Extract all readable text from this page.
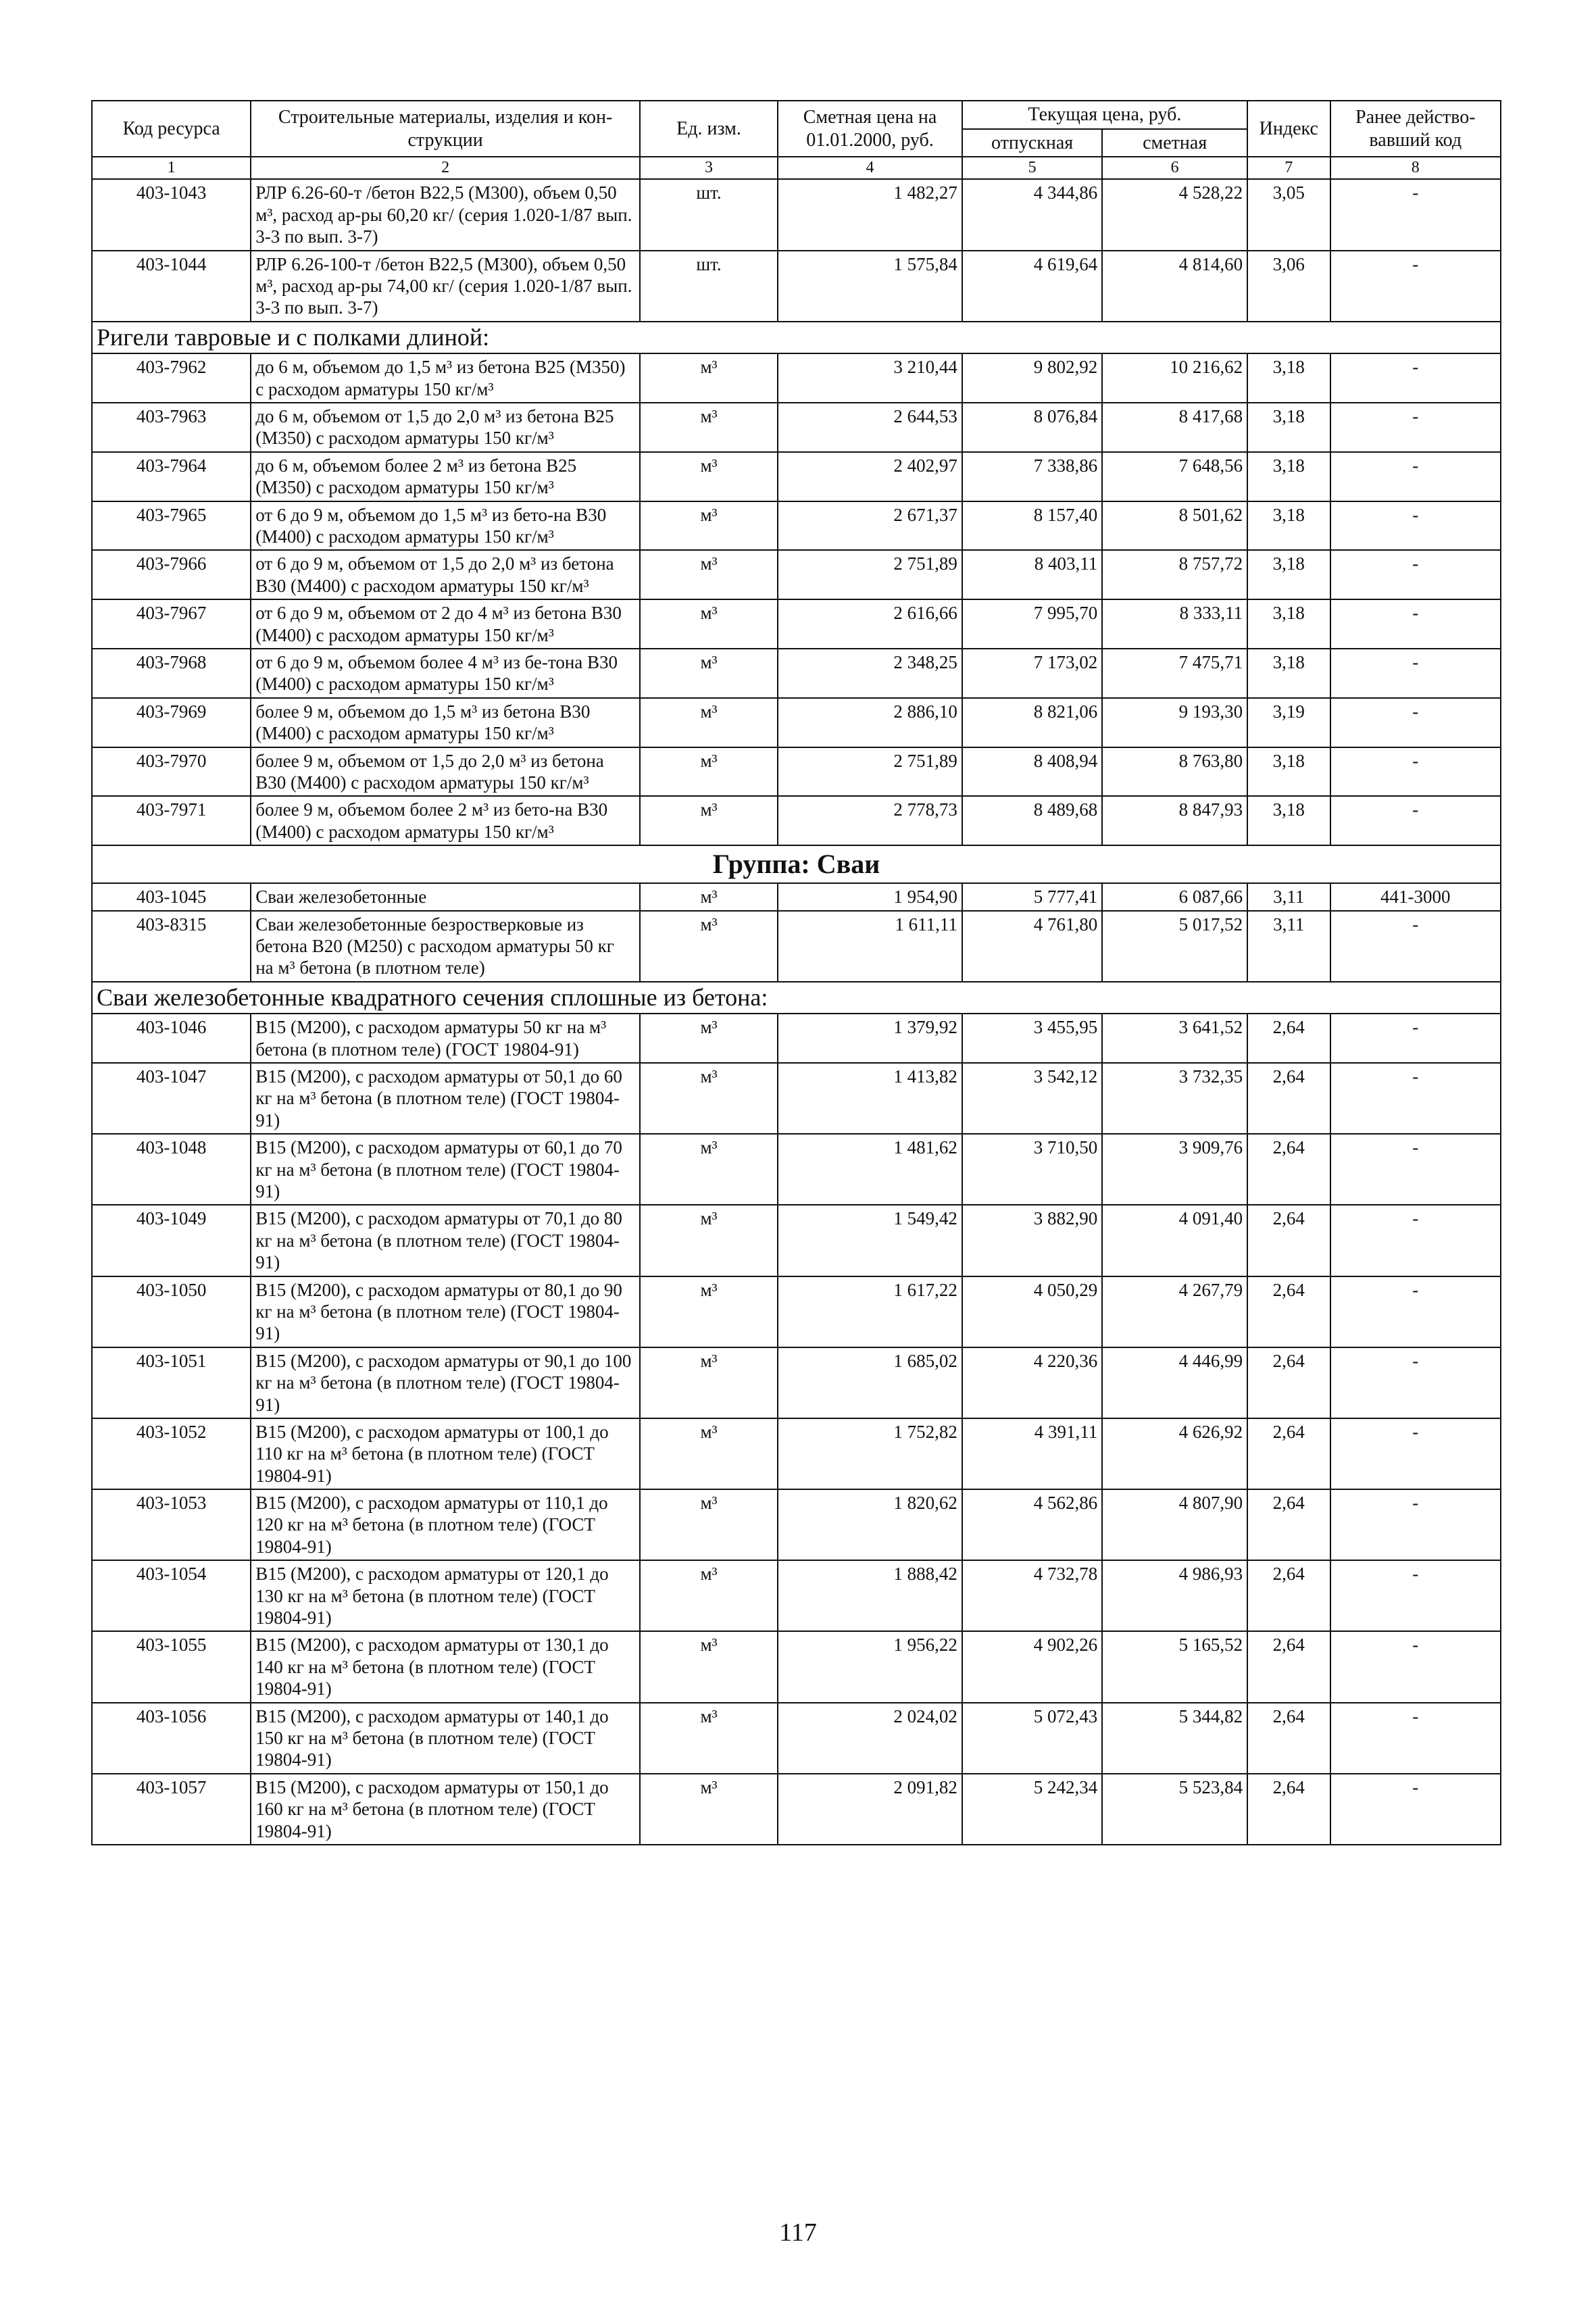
Код ресурса	Строительные материалы, изделия и кон-струкции	Ед. изм.	Сметная цена на 01.01.2000, руб.	Текущая цена, руб.		Индекс	Ранее действо-вавший код
				отпускная	сметная		
1	2	3	4	5	6	7	8
403-1043	РЛР 6.26-60-т /бетон В22,5 (М300), объем 0,50 м³, расход ар-ры 60,20 кг/ (серия 1.020-1/87 вып. 3-3 по вып. 3-7)	шт.	1 482,27	4 344,86	4 528,22	3,05	-
403-1044	РЛР 6.26-100-т /бетон В22,5 (М300), объем 0,50 м³, расход ар-ры 74,00 кг/ (серия 1.020-1/87 вып. 3-3 по вып. 3-7)	шт.	1 575,84	4 619,64	4 814,60	3,06	-
Ригели тавровые и с полками длиной:							
403-7962	до 6 м, объемом до 1,5 м³ из бетона В25 (М350) с расходом арматуры 150 кг/м³	м³	3 210,44	9 802,92	10 216,62	3,18	-
403-7963	до 6 м, объемом от 1,5 до 2,0 м³ из бетона В25 (М350) с расходом арматуры 150 кг/м³	м³	2 644,53	8 076,84	8 417,68	3,18	-
403-7964	до 6 м, объемом более 2 м³ из бетона В25 (М350) с расходом арматуры 150 кг/м³	м³	2 402,97	7 338,86	7 648,56	3,18	-
403-7965	от 6 до 9 м, объемом до 1,5 м³ из бето-на В30 (М400) с расходом арматуры 150 кг/м³	м³	2 671,37	8 157,40	8 501,62	3,18	-
403-7966	от 6 до 9 м, объемом от 1,5 до 2,0 м³ из бетона В30 (М400) с расходом арматуры 150 кг/м³	м³	2 751,89	8 403,11	8 757,72	3,18	-
403-7967	от 6 до 9 м, объемом от 2 до 4 м³ из бетона В30 (М400) с расходом арматуры 150 кг/м³	м³	2 616,66	7 995,70	8 333,11	3,18	-
403-7968	от 6 до 9 м, объемом более 4 м³ из бе-тона В30 (М400) с расходом арматуры 150 кг/м³	м³	2 348,25	7 173,02	7 475,71	3,18	-
403-7969	более 9 м, объемом до 1,5 м³ из бетона В30 (М400) с расходом арматуры 150 кг/м³	м³	2 886,10	8 821,06	9 193,30	3,19	-
403-7970	более 9 м, объемом от 1,5 до 2,0 м³ из бетона В30 (М400) с расходом арматуры 150 кг/м³	м³	2 751,89	8 408,94	8 763,80	3,18	-
403-7971	более 9 м, объемом более 2 м³ из бето-на В30 (М400) с расходом арматуры 150 кг/м³	м³	2 778,73	8 489,68	8 847,93	3,18	-
Группа: Сваи							
403-1045	Сваи железобетонные	м³	1 954,90	5 777,41	6 087,66	3,11	441-3000
403-8315	Сваи железобетонные безростверковые из бетона В20 (М250) с расходом арматуры 50 кг на м³ бетона (в плотном теле)	м³	1 611,11	4 761,80	5 017,52	3,11	-
Сваи железобетонные квадратного сечения сплошные из бетона:							
403-1046	В15 (М200), с расходом арматуры 50 кг на м³ бетона (в плотном теле) (ГОСТ 19804-91)	м³	1 379,92	3 455,95	3 641,52	2,64	-
403-1047	В15 (М200), с расходом арматуры от 50,1 до 60 кг на м³ бетона (в плотном теле) (ГОСТ 19804-91)	м³	1 413,82	3 542,12	3 732,35	2,64	-
403-1048	В15 (М200), с расходом арматуры от 60,1 до 70 кг на м³ бетона (в плотном теле) (ГОСТ 19804-91)	м³	1 481,62	3 710,50	3 909,76	2,64	-
403-1049	В15 (М200), с расходом арматуры от 70,1 до 80 кг на м³ бетона (в плотном теле) (ГОСТ 19804-91)	м³	1 549,42	3 882,90	4 091,40	2,64	-
403-1050	В15 (М200), с расходом арматуры от 80,1 до 90 кг на м³ бетона (в плотном теле) (ГОСТ 19804-91)	м³	1 617,22	4 050,29	4 267,79	2,64	-
403-1051	В15 (М200), с расходом арматуры от 90,1 до 100 кг на м³ бетона (в плотном теле) (ГОСТ 19804-91)	м³	1 685,02	4 220,36	4 446,99	2,64	-
403-1052	В15 (М200), с расходом арматуры от 100,1 до 110 кг на м³ бетона (в плотном теле) (ГОСТ 19804-91)	м³	1 752,82	4 391,11	4 626,92	2,64	-
403-1053	В15 (М200), с расходом арматуры от 110,1 до 120 кг на м³ бетона (в плотном теле) (ГОСТ 19804-91)	м³	1 820,62	4 562,86	4 807,90	2,64	-
403-1054	В15 (М200), с расходом арматуры от 120,1 до 130 кг на м³ бетона (в плотном теле) (ГОСТ 19804-91)	м³	1 888,42	4 732,78	4 986,93	2,64	-
403-1055	В15 (М200), с расходом арматуры от 130,1 до 140 кг на м³ бетона (в плотном теле) (ГОСТ 19804-91)	м³	1 956,22	4 902,26	5 165,52	2,64	-
403-1056	В15 (М200), с расходом арматуры от 140,1 до 150 кг на м³ бетона (в плотном теле) (ГОСТ 19804-91)	м³	2 024,02	5 072,43	5 344,82	2,64	-
403-1057	В15 (М200), с расходом арматуры от 150,1 до 160 кг на м³ бетона (в плотном теле) (ГОСТ 19804-91)	м³	2 091,82	5 242,34	5 523,84	2,64	-
117
